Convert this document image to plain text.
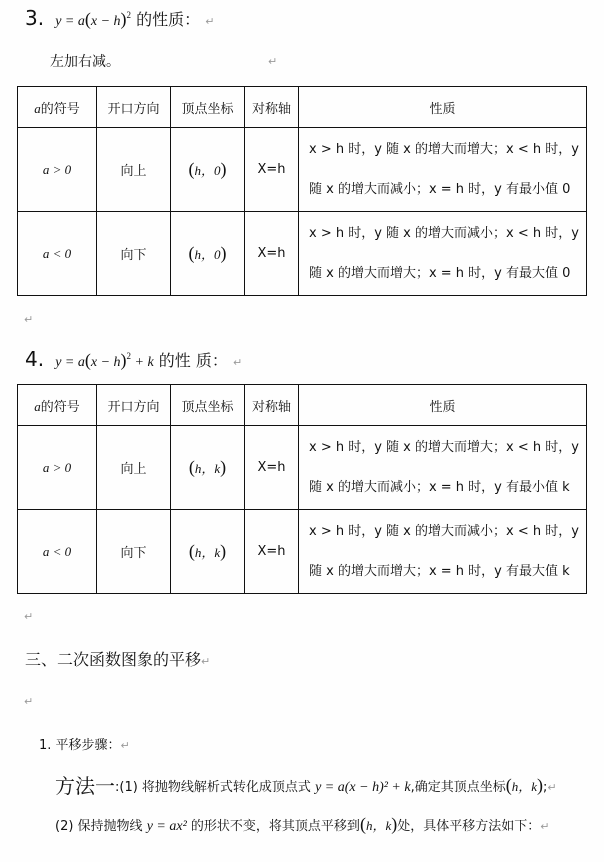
3. $y = a(x - h)^2$ 的性质： ↵
左加右减。	↵
a的符号	开口方向	顶点坐标	对称轴	性质
a > 0	向上	(h，0)	X=h	x > h 时，y 随 x 的增大而增大；x < h 时，y
随 x 的增大而减小；x = h 时，y 有最小值 0

a < 0	向下	(h，0)	X=h	x > h 时，y 随 x 的增大而减小；x < h 时，y
随 x 的增大而增大；x = h 时，y 有最大值 0
↵
4. $y = a(x - h)^2 + k$ 的性 质： ↵
a的符号	开口方向	顶点坐标	对称轴	性质
a > 0	向上	(h，k)	X=h	x > h 时，y 随 x 的增大而增大；x < h 时，y
随 x 的增大而减小；x = h 时，y 有最小值 k

a < 0	向下	(h，k)	X=h	x > h 时，y 随 x 的增大而减小；x < h 时，y
随 x 的增大而增大；x = h 时，y 有最大值 k
↵
三、二次函数图象的平移↵
↵
1. 平移步骤：↵
方法一:(1) 将抛物线解析式转化成顶点式 y = a(x − h)² + k,确定其顶点坐标(h，k);↵
(2) 保持抛物线 y = ax² 的形状不变，将其顶点平移到(h，k)处，具体平移方法如下：↵
